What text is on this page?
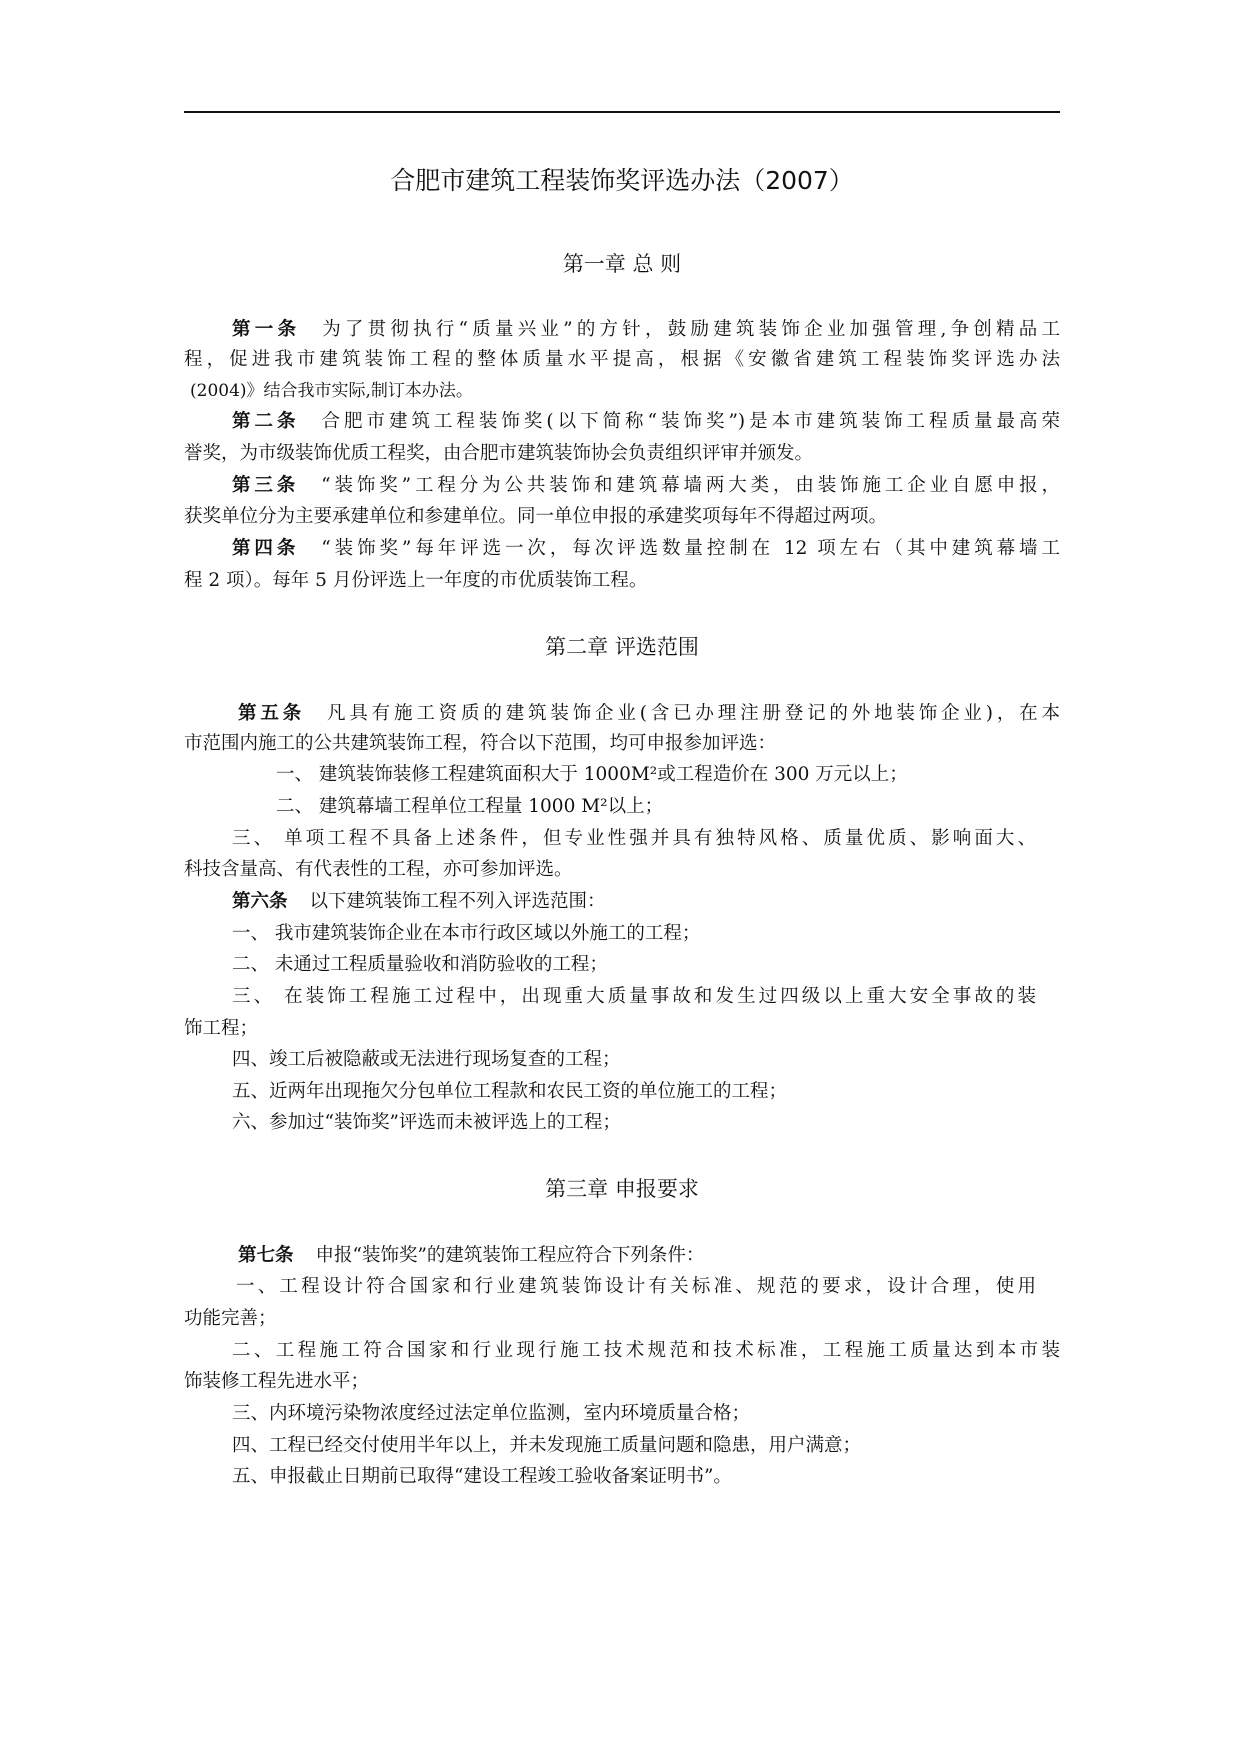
合肥市建筑工程装饰奖评选办法（2007）
第一章 总 则
第一条 为了贯彻执行“质量兴业”的方针，鼓励建筑装饰企业加强管理,争创精品工
程，促进我市建筑装饰工程的整体质量水平提高，根据《安徽省建筑工程装饰奖评选办法
(2004)》结合我市实际,制订本办法。
第二条 合肥市建筑工程装饰奖(以下简称“装饰奖”)是本市建筑装饰工程质量最高荣
誉奖，为市级装饰优质工程奖，由合肥市建筑装饰协会负责组织评审并颁发。
第三条 “装饰奖”工程分为公共装饰和建筑幕墙两大类，由装饰施工企业自愿申报，
获奖单位分为主要承建单位和参建单位。同一单位申报的承建奖项每年不得超过两项。
第四条 “装饰奖”每年评选一次，每次评选数量控制在 12 项左右（其中建筑幕墙工
程 2 项）。每年 5 月份评选上一年度的市优质装饰工程。
第二章 评选范围
第五条 凡具有施工资质的建筑装饰企业(含已办理注册登记的外地装饰企业)，在本
市范围内施工的公共建筑装饰工程，符合以下范围，均可申报参加评选：
一、 建筑装饰装修工程建筑面积大于 1000M²或工程造价在 300 万元以上；
二、 建筑幕墙工程单位工程量 1000 M²以上；
三、 单项工程不具备上述条件，但专业性强并具有独特风格、质量优质、影响面大、
科技含量高、有代表性的工程，亦可参加评选。
第六条 以下建筑装饰工程不列入评选范围：
一、 我市建筑装饰企业在本市行政区域以外施工的工程；
二、 未通过工程质量验收和消防验收的工程；
三、 在装饰工程施工过程中，出现重大质量事故和发生过四级以上重大安全事故的装
饰工程；
四、竣工后被隐蔽或无法进行现场复查的工程；
五、近两年出现拖欠分包单位工程款和农民工资的单位施工的工程；
六、参加过“装饰奖”评选而未被评选上的工程；
第三章 申报要求
第七条 申报“装饰奖”的建筑装饰工程应符合下列条件：
一、工程设计符合国家和行业建筑装饰设计有关标准、规范的要求，设计合理，使用
功能完善；
二、工程施工符合国家和行业现行施工技术规范和技术标准，工程施工质量达到本市装
饰装修工程先进水平；
三、内环境污染物浓度经过法定单位监测，室内环境质量合格；
四、工程已经交付使用半年以上，并未发现施工质量问题和隐患，用户满意；
五、申报截止日期前已取得“建设工程竣工验收备案证明书”。
